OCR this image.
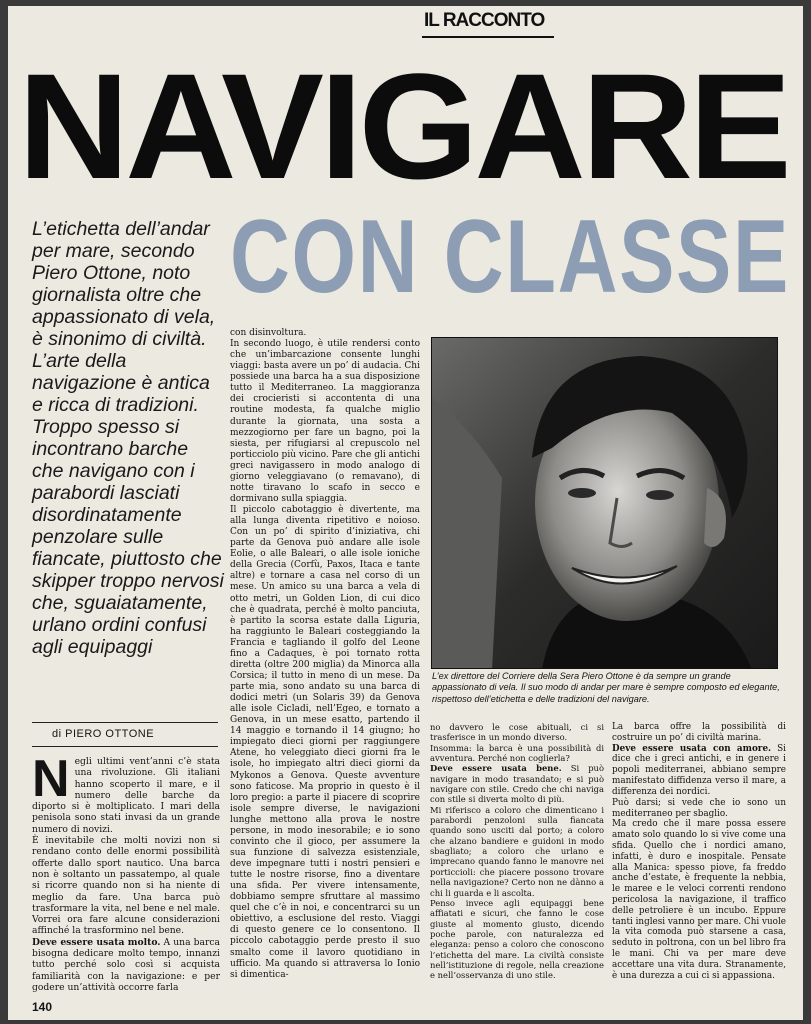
IL RACCONTO
NAVIGARE
CON CLASSE
L’etichetta dell’andar per mare, secondo Piero Ottone, noto giornalista oltre che appassionato di vela, è sinonimo di civiltà. L’arte della navigazione è antica e ricca di tradizioni. Troppo spesso si incontrano barche che navigano con i parabordi lasciati disordinatamente penzolare sulle fiancate, piuttosto che skipper troppo nervosi che, sguaiatamente, urlano ordini confusi agli equipaggi
di PIERO OTTONE
N egli ultimi vent’anni c’è stata una rivoluzione. Gli italiani hanno scoperto il mare, e il numero delle barche da diporto si è moltiplicato. I mari della penisola sono stati invasi da un grande numero di novizi.

È inevitabile che molti novizi non si rendano conto delle enormi possibilità offerte dallo sport nautico. Una barca non è soltanto un passatempo, al quale si ricorre quando non si ha niente di meglio da fare. Una barca può trasformare la vita, nel bene e nel male. Vorrei ora fare alcune considerazioni affinché la trasformino nel bene.

Deve essere usata molto. A una barca bisogna dedicare molto tempo, innanzi tutto perché solo così si acquista familiarità con la navigazione: e per godere un’attività occorre farla

con disinvoltura.

In secondo luogo, è utile rendersi conto che un’imbarcazione consente lunghi viaggi: basta avere un po’ di audacia. Chi possiede una barca ha a sua disposizione tutto il Mediterraneo. La maggioranza dei crocieristi si accontenta di una routine modesta, fa qualche miglio durante la giornata, una sosta a mezzogiorno per fare un bagno, poi la siesta, per rifugiarsi al crepuscolo nel porticciolo più vicino. Pare che gli antichi greci navigassero in modo analogo di giorno veleggiavano (o remavano), di notte tiravano lo scafo in secco e dormivano sulla spiaggia.

Il piccolo cabotaggio è divertente, ma alla lunga diventa ripetitivo e noioso. Con un po’ di spirito d’iniziativa, chi parte da Genova può andare alle isole Eolie, o alle Baleari, o alle isole ioniche della Grecia (Corfù, Paxos, Itaca e tante altre) e tornare a casa nel corso di un mese. Un amico su una barca a vela di otto metri, un Golden Lion, di cui dico che è quadrata, perché è molto panciuta, è partito la scorsa estate dalla Liguria, ha raggiunto le Baleari costeggiando la Francia e tagliando il golfo del Leone fino a Cadaques, è poi tornato rotta diretta (oltre 200 miglia) da Minorca alla Corsica; il tutto in meno di un mese. Da parte mia, sono andato su una barca di dodici metri (un Solaris 39) da Genova alle isole Cicladi, nell’Egeo, e tornato a Genova, in un mese esatto, partendo il 14 maggio e tornando il 14 giugno; ho impiegato dieci giorni per raggiungere Atene, ho veleggiato dieci giorni fra le isole, ho impiegato altri dieci giorni da Mykonos a Genova. Queste avventure sono faticose. Ma proprio in questo è il loro pregio: a parte il piacere di scoprire isole sempre diverse, le navigazioni lunghe mettono alla prova le nostre persone, in modo inesorabile; e io sono convinto che il gioco, per assumere la sua funzione di salvezza esistenziale, deve impegnare tutti i nostri pensieri e tutte le nostre risorse, fino a diventare una sfida. Per vivere intensamente, dobbiamo sempre sfruttare al massimo quel che c’è in noi, e concentrarci su un obiettivo, a esclusione del resto. Viaggi di questo genere ce lo consentono. Il piccolo cabotaggio perde presto il suo smalto come il lavoro quotidiano in ufficio. Ma quando si attraversa lo Ionio si dimentica-

L’ex direttore del Corriere della Sera Piero Ottone è da sempre un grande appassionato di vela. Il suo modo di andar per mare è sempre composto ed elegante, rispettoso dell’etichetta e delle tradizioni del navigare.

no davvero le cose abituali, ci si trasferisce in un mondo diverso.

Insomma: la barca è una possibilità di avventura. Perché non coglierla?

Deve essere usata bene. Si può navigare in modo trasandato; e si può navigare con stile. Credo che chi naviga con stile si diverta molto di più.

Mi riferisco a coloro che dimenticano i parabordi penzoloni sulla fiancata quando sono usciti dal porto; a coloro che alzano bandiere e guidoni in modo sbagliato; a coloro che urlano e imprecano quando fanno le manovre nei porticcioli: che piacere possono trovare nella navigazione? Certo non ne dànno a chi li guarda e li ascolta.

Penso invece agli equipaggi bene affiatati e sicuri, che fanno le cose giuste al momento giusto, dicendo poche parole, con naturalezza ed eleganza: penso a coloro che conoscono l’etichetta del mare. La civiltà consiste nell’istituzione di regole, nella creazione e nell’osservanza di uno stile.

La barca offre la possibilità di costruire un po’ di civiltà marina.

Deve essere usata con amore. Si dice che i greci antichi, e in genere i popoli mediterranei, abbiano sempre manifestato diffidenza verso il mare, a differenza dei nordici.

Può darsi; si vede che io sono un mediterraneo per sbaglio.

Ma credo che il mare possa essere amato solo quando lo si vive come una sfida. Quello che i nordici amano, infatti, è duro e inospitale. Pensate alla Manica: spesso piove, fa freddo anche d’estate, è frequente la nebbia, le maree e le veloci correnti rendono pericolosa la navigazione, il traffico delle petroliere è un incubo. Eppure tanti inglesi vanno per mare. Chi vuole la vita comoda può starsene a casa, seduto in poltrona, con un bel libro fra le mani. Chi va per mare deve accettare una vita dura. Stranamente, è una durezza a cui ci si appassiona.

140
